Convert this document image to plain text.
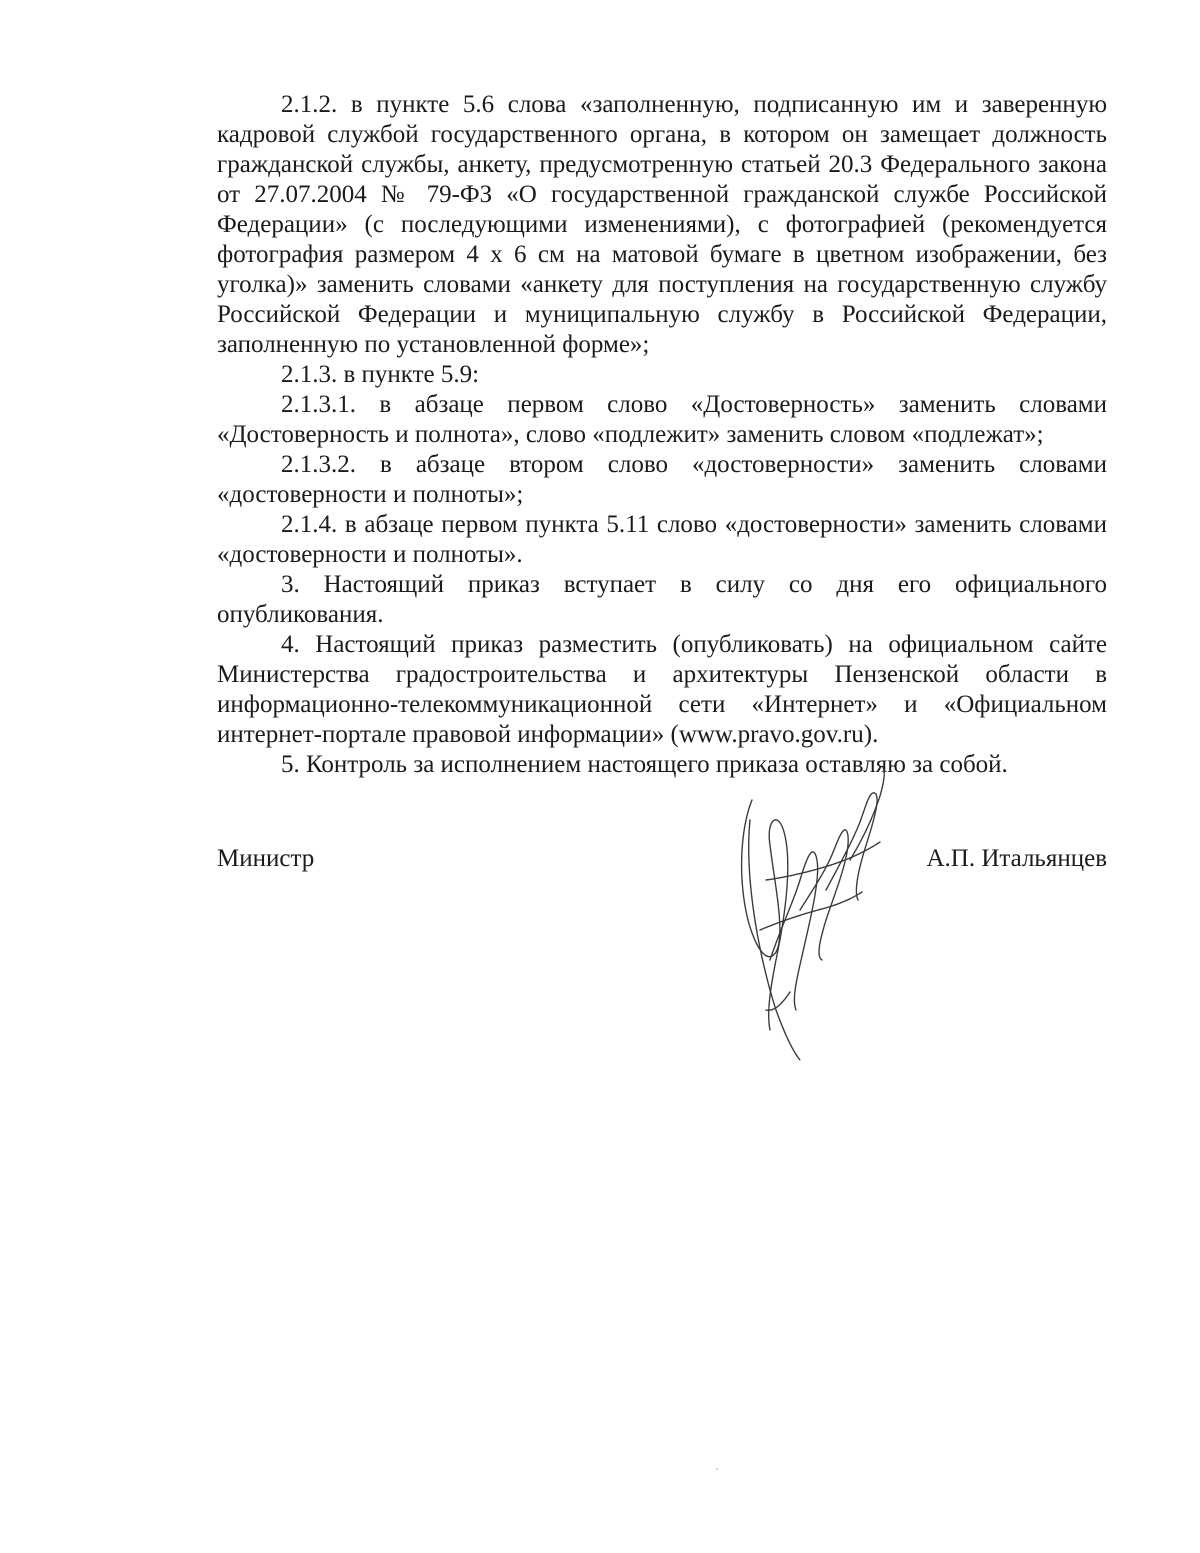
2.1.2. в пункте 5.6 слова «заполненную, подписанную им и заверенную кадровой службой государственного органа, в котором он замещает должность гражданской службы, анкету, предусмотренную статьей 20.3 Федерального закона от 27.07.2004 № 79-ФЗ «О государственной гражданской службе Российской Федерации» (с последующими изменениями), с фотографией (рекомендуется фотография размером 4 х 6 см на матовой бумаге в цветном изображении, без уголка)» заменить словами «анкету для поступления на государственную службу Российской Федерации и муниципальную службу в Российской Федерации, заполненную по установленной форме»;

2.1.3. в пункте 5.9:

2.1.3.1. в абзаце первом слово «Достоверность» заменить словами «Достоверность и полнота», слово «подлежит» заменить словом «подлежат»;

2.1.3.2. в абзаце втором слово «достоверности» заменить словами «достоверности и полноты»;

2.1.4. в абзаце первом пункта 5.11 слово «достоверности» заменить словами «достоверности и полноты».

3. Настоящий приказ вступает в силу со дня его официального опубликования.

4. Настоящий приказ разместить (опубликовать) на официальном сайте Министерства градостроительства и архитектуры Пензенской области в информационно-телекоммуникационной сети «Интернет» и «Официальном интернет-портале правовой информации» (www.pravo.gov.ru).

5. Контроль за исполнением настоящего приказа оставляю за собой.

Министр	А.П. Итальянцев
